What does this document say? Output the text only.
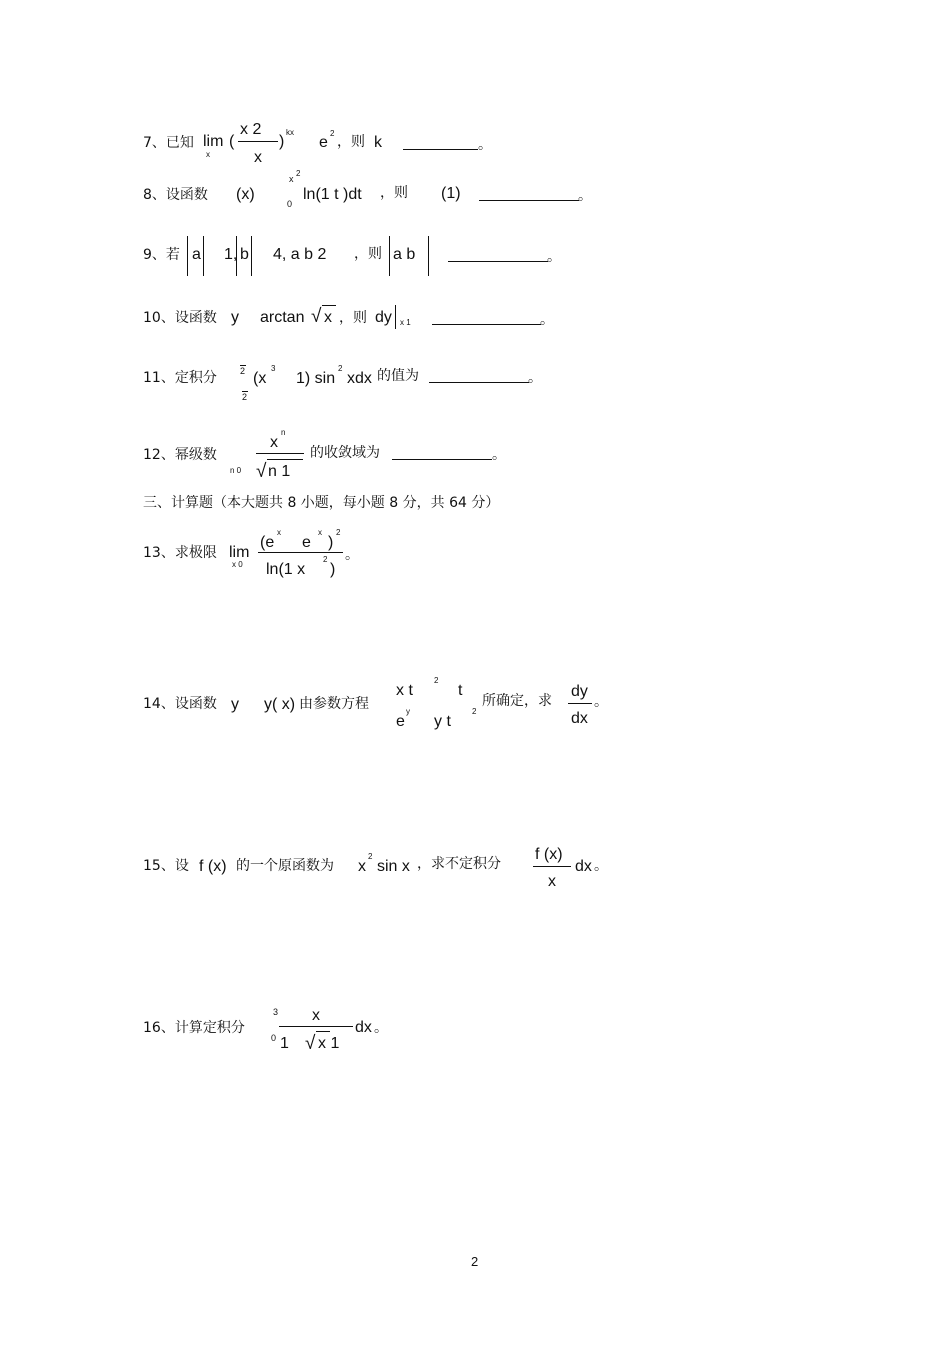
7、已知 lim
x
(
x 2
x
)
kx
e
2
，则 k	。
8、设函数 (x)
x
2
0
ln(1 t )dt ，则 (1)	。
9、若 a 1, b 4, a b 2 ，则 a b	。
10、设函数 y arctan √ x ，则 dy x 1	。
11、定积分	2
2
(x
3
1) sin
2
xdx 的值为	。
12、幂级数
x
n
n 0 √ n 1
的收敛域为	。
三、计算题（本大题共 8 小题，每小题 8 分，共 64 分）
13、求极限 lim
x 0
(e
x
e
x
)
2
ln(1 x
2
)
。
14、设函数 y y( x) 由参数方程
x t
2
t
e
y
y t
2
所确定，求
dy
dx
。
15、设 f (x) 的一个原函数为 x
2
sin x ，求不定积分
f (x)
x
dx 。
16、计算定积分
3
0
x
1 √ x 1
dx 。
2
